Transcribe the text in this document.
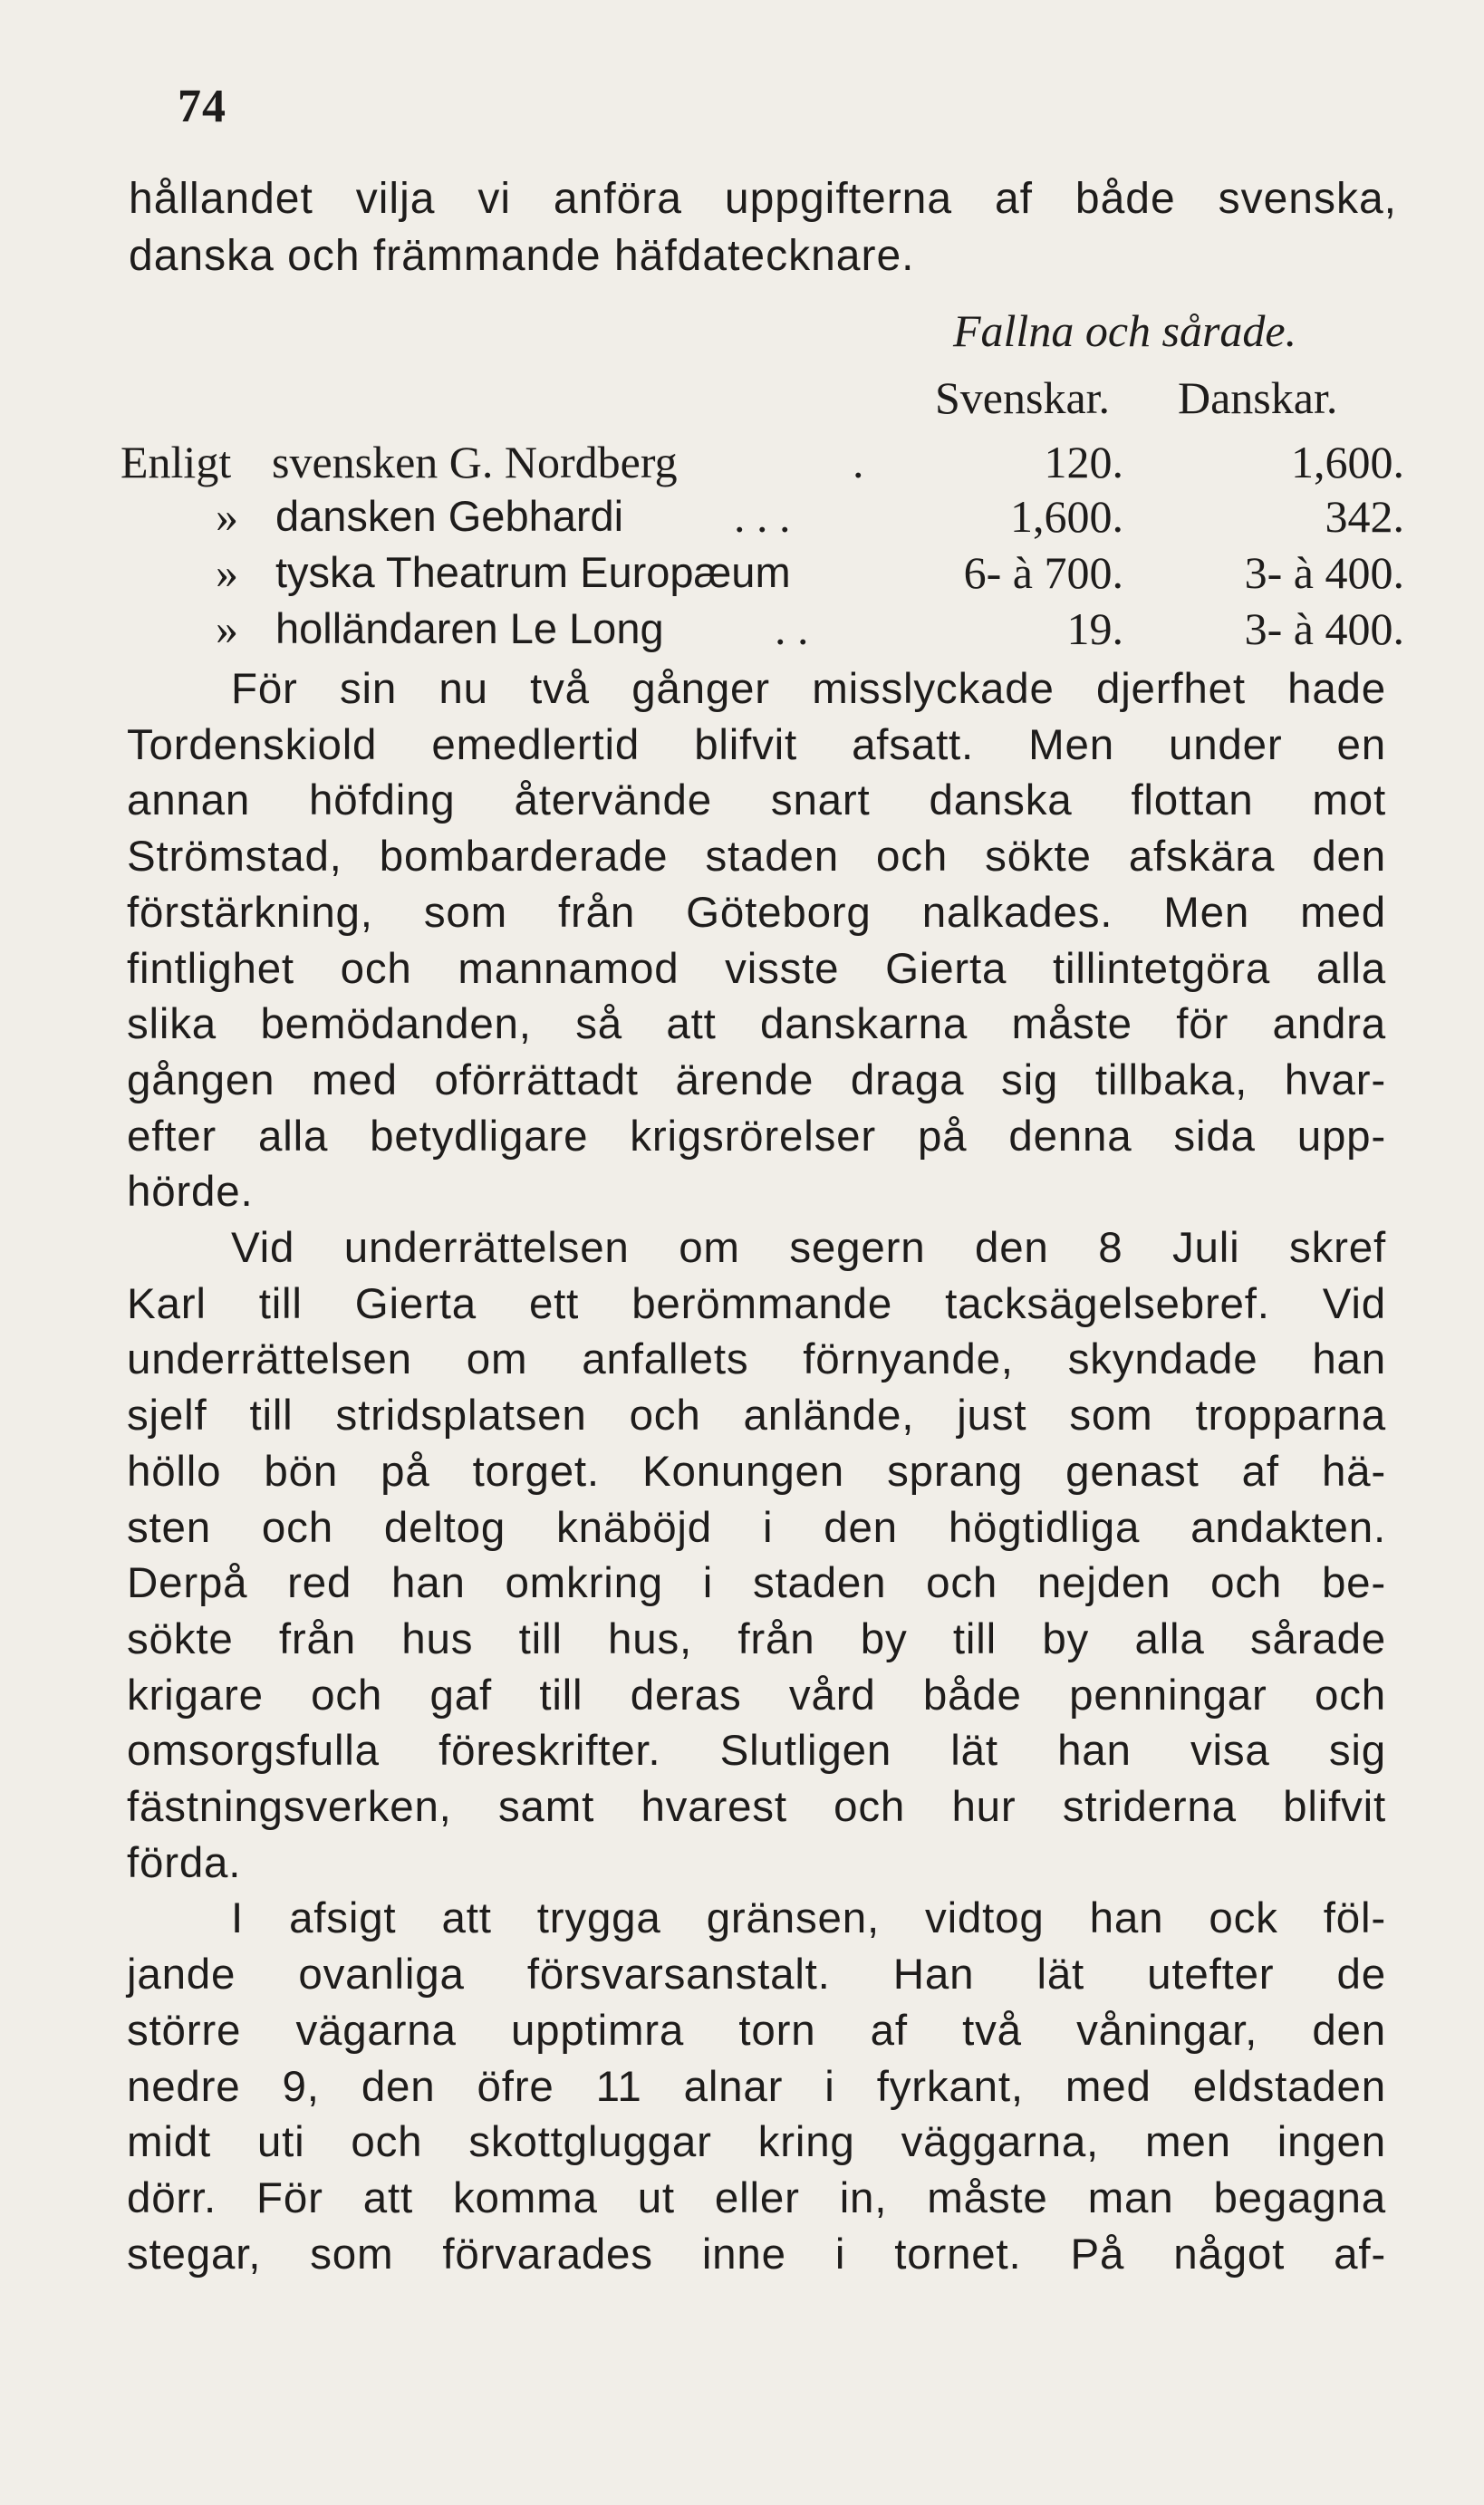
74
hållandet vilja vi anföra uppgifterna af både svenska,
danska och främmande häfdatecknare.
Fallna och sårade.
Svenskar. Danskar.
Enligt svensken G. Nordberg	.	120.	1,600.
» dansken Gebhardi . . .	1,600.	342.
» tyska Theatrum Europæum	6- à 700.	3- à 400.
» holländaren Le Long . .	19.	3- à 400.
För sin nu två gånger misslyckade djerfhet hade
Tordenskiold emedlertid blifvit afsatt. Men under en
annan höfding återvände snart danska flottan mot
Strömstad, bombarderade staden och sökte afskära den
förstärkning, som från Göteborg nalkades. Men med
fintlighet och mannamod visste Gierta tillintetgöra alla
slika bemödanden, så att danskarna måste för andra
gången med oförrättadt ärende draga sig tillbaka, hvar-
efter alla betydligare krigsrörelser på denna sida upp-
hörde.
Vid underrättelsen om segern den 8 Juli skref
Karl till Gierta ett berömmande tacksägelsebref. Vid
underrättelsen om anfallets förnyande, skyndade han
sjelf till stridsplatsen och anlände, just som tropparna
höllo bön på torget. Konungen sprang genast af hä-
sten och deltog knäböjd i den högtidliga andakten.
Derpå red han omkring i staden och nejden och be-
sökte från hus till hus, från by till by alla sårade
krigare och gaf till deras vård både penningar och
omsorgsfulla föreskrifter. Slutligen lät han visa sig
fästningsverken, samt hvarest och hur striderna blifvit
förda.
I afsigt att trygga gränsen, vidtog han ock föl-
jande ovanliga försvarsanstalt. Han lät utefter de
större vägarna upptimra torn af två våningar, den
nedre 9, den öfre 11 alnar i fyrkant, med eldstaden
midt uti och skottgluggar kring väggarna, men ingen
dörr. För att komma ut eller in, måste man begagna
stegar, som förvarades inne i tornet. På något af-
